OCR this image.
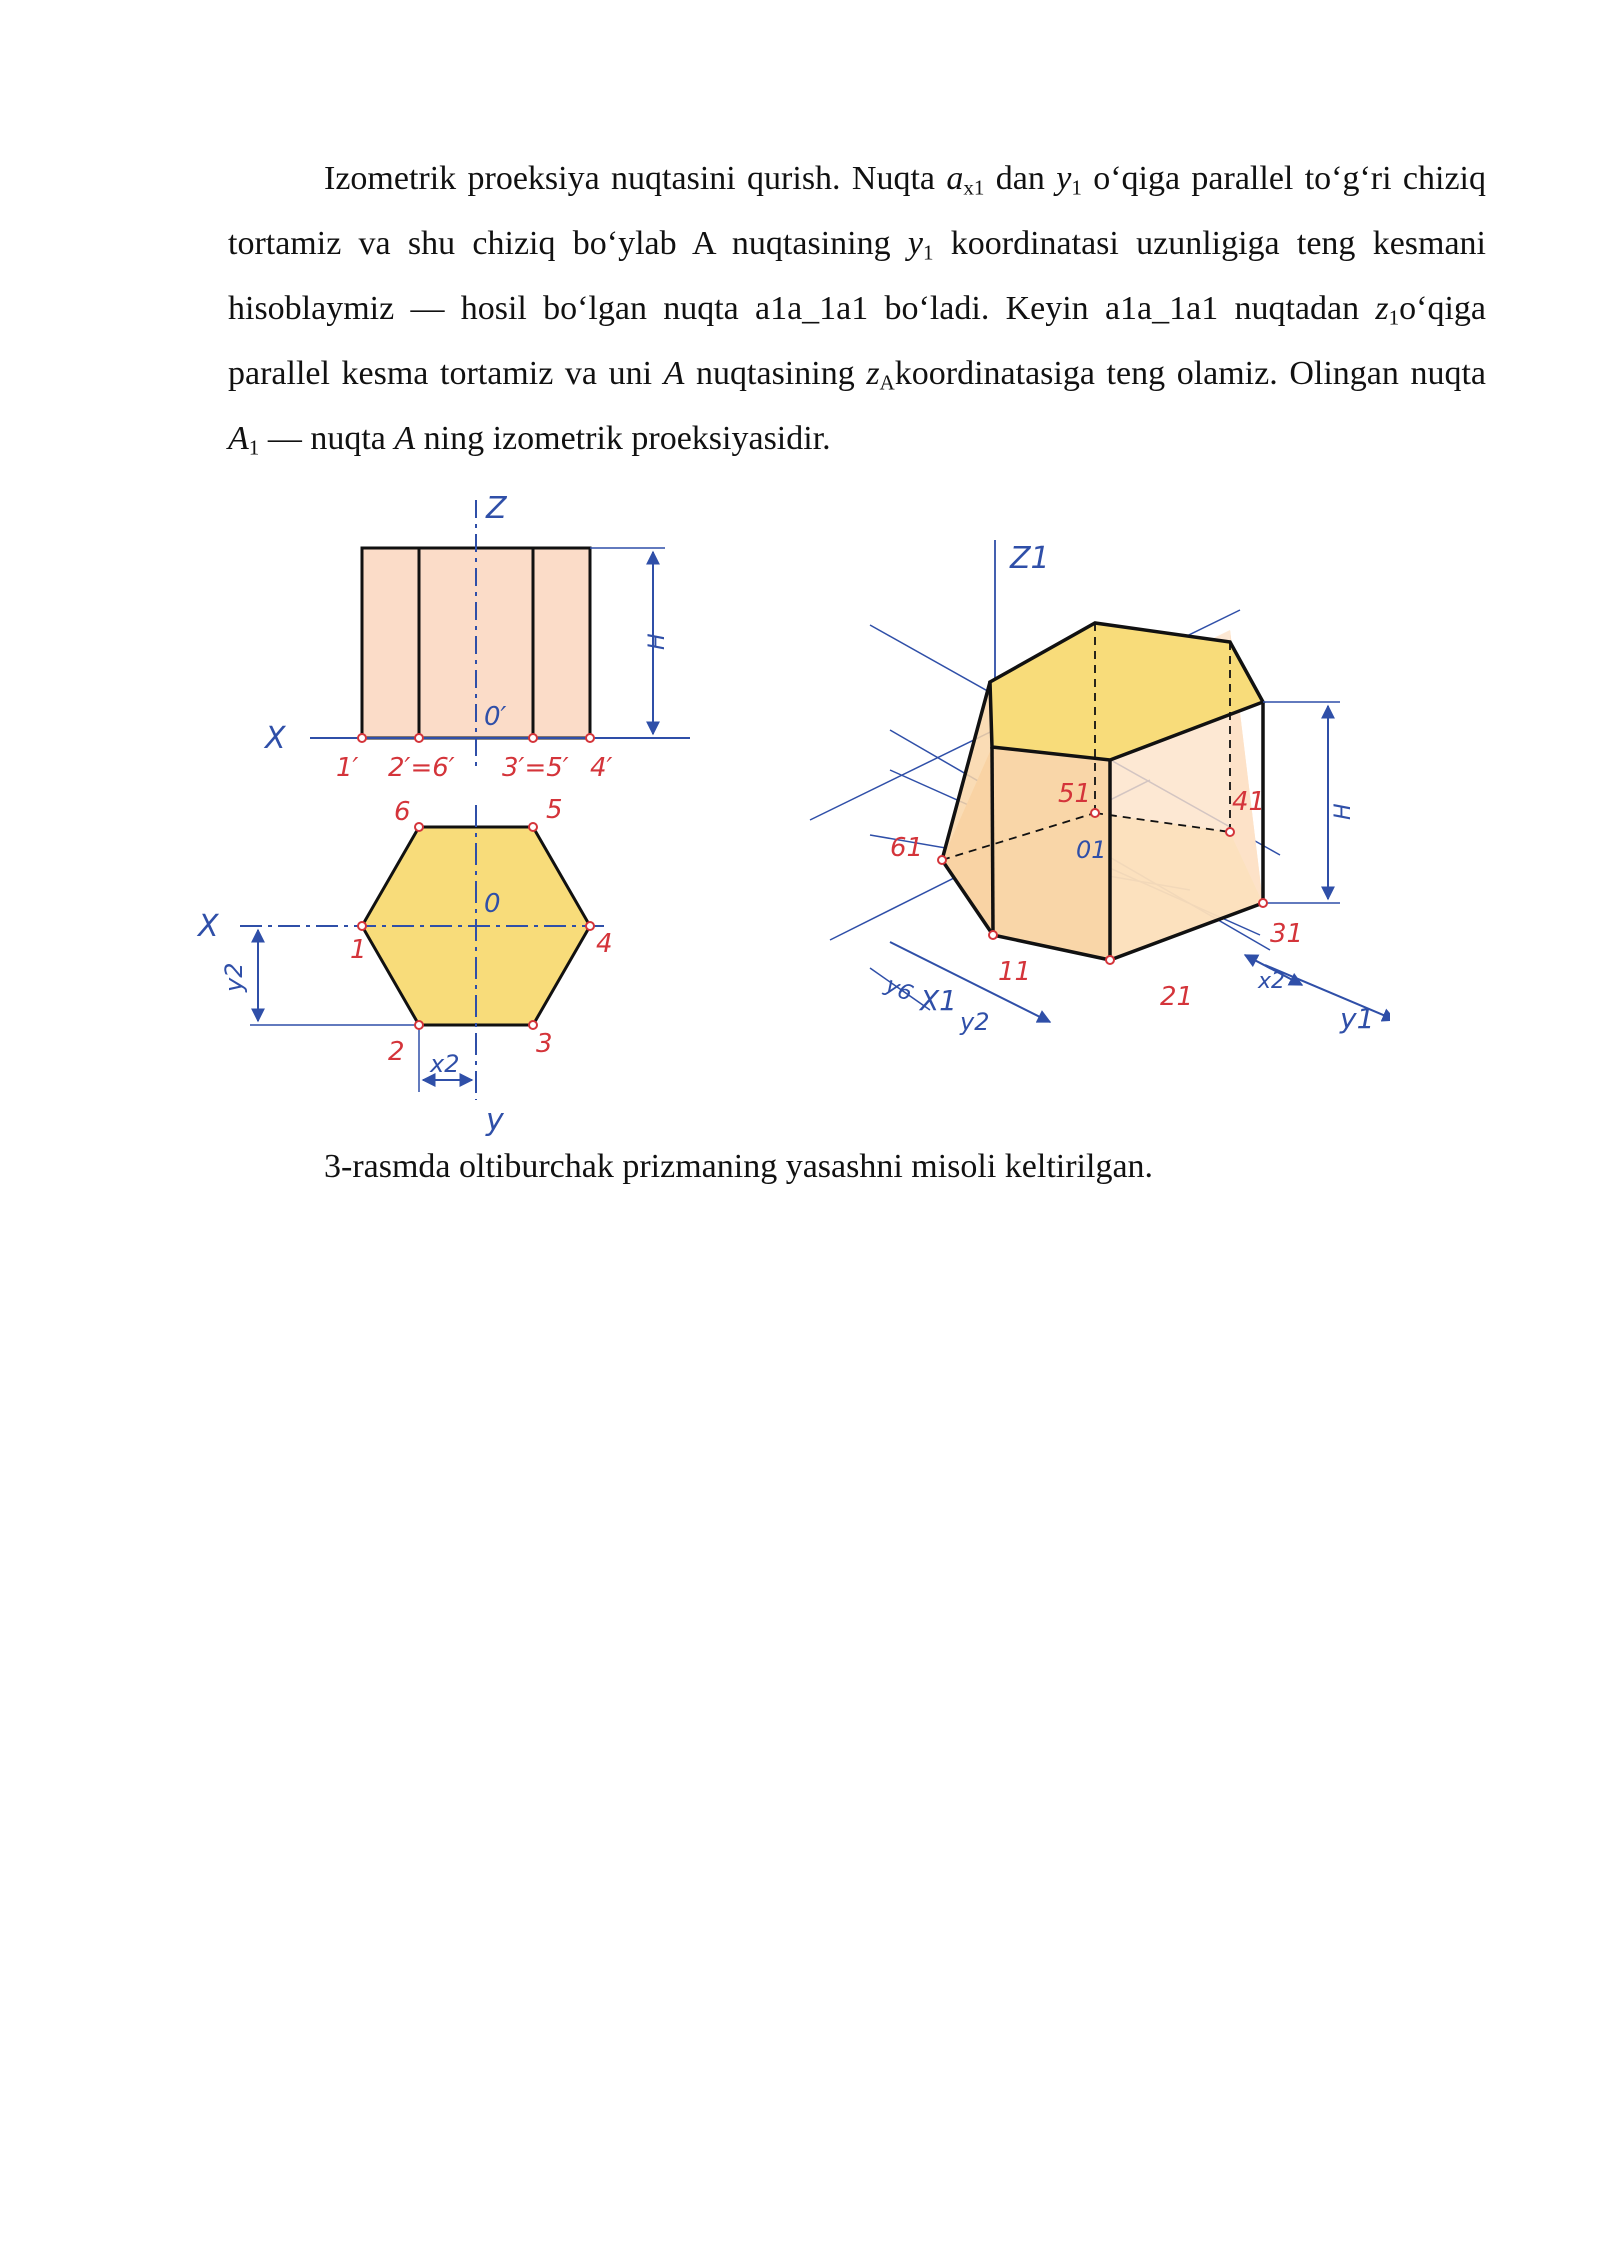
Izometrik proeksiya nuqtasini qurish. Nuqta $a_{x1}$ dan $y_1$ o‘qiga parallel to‘g‘ri chiziq tortamiz va shu chiziq bo‘ylab A nuqtasining $y_1$ koordinatasi uzunligiga teng kesmani hisoblaymiz — hosil bo‘lgan nuqta a1a_1a1 bo‘ladi. Keyin a1a_1a1 nuqtadan $z_1o‘qiga$ parallel kesma tortamiz va uni A nuqtasining $z_Akoordinatasiga$ teng olamiz. Olingan nuqta $A_1$ — nuqta A ning izometrik proeksiyasidir.

Z
X
0′
H
1′ 2′=6′ 3′=5′ 4′
X
y
0
y2
x2
1
2	3
4
5
6
Z1
X1
y1
01
H
y6
y2
x2
11
21
31
41
51
61

3-rasmda oltiburchak prizmaning yasashni misoli keltirilgan.
